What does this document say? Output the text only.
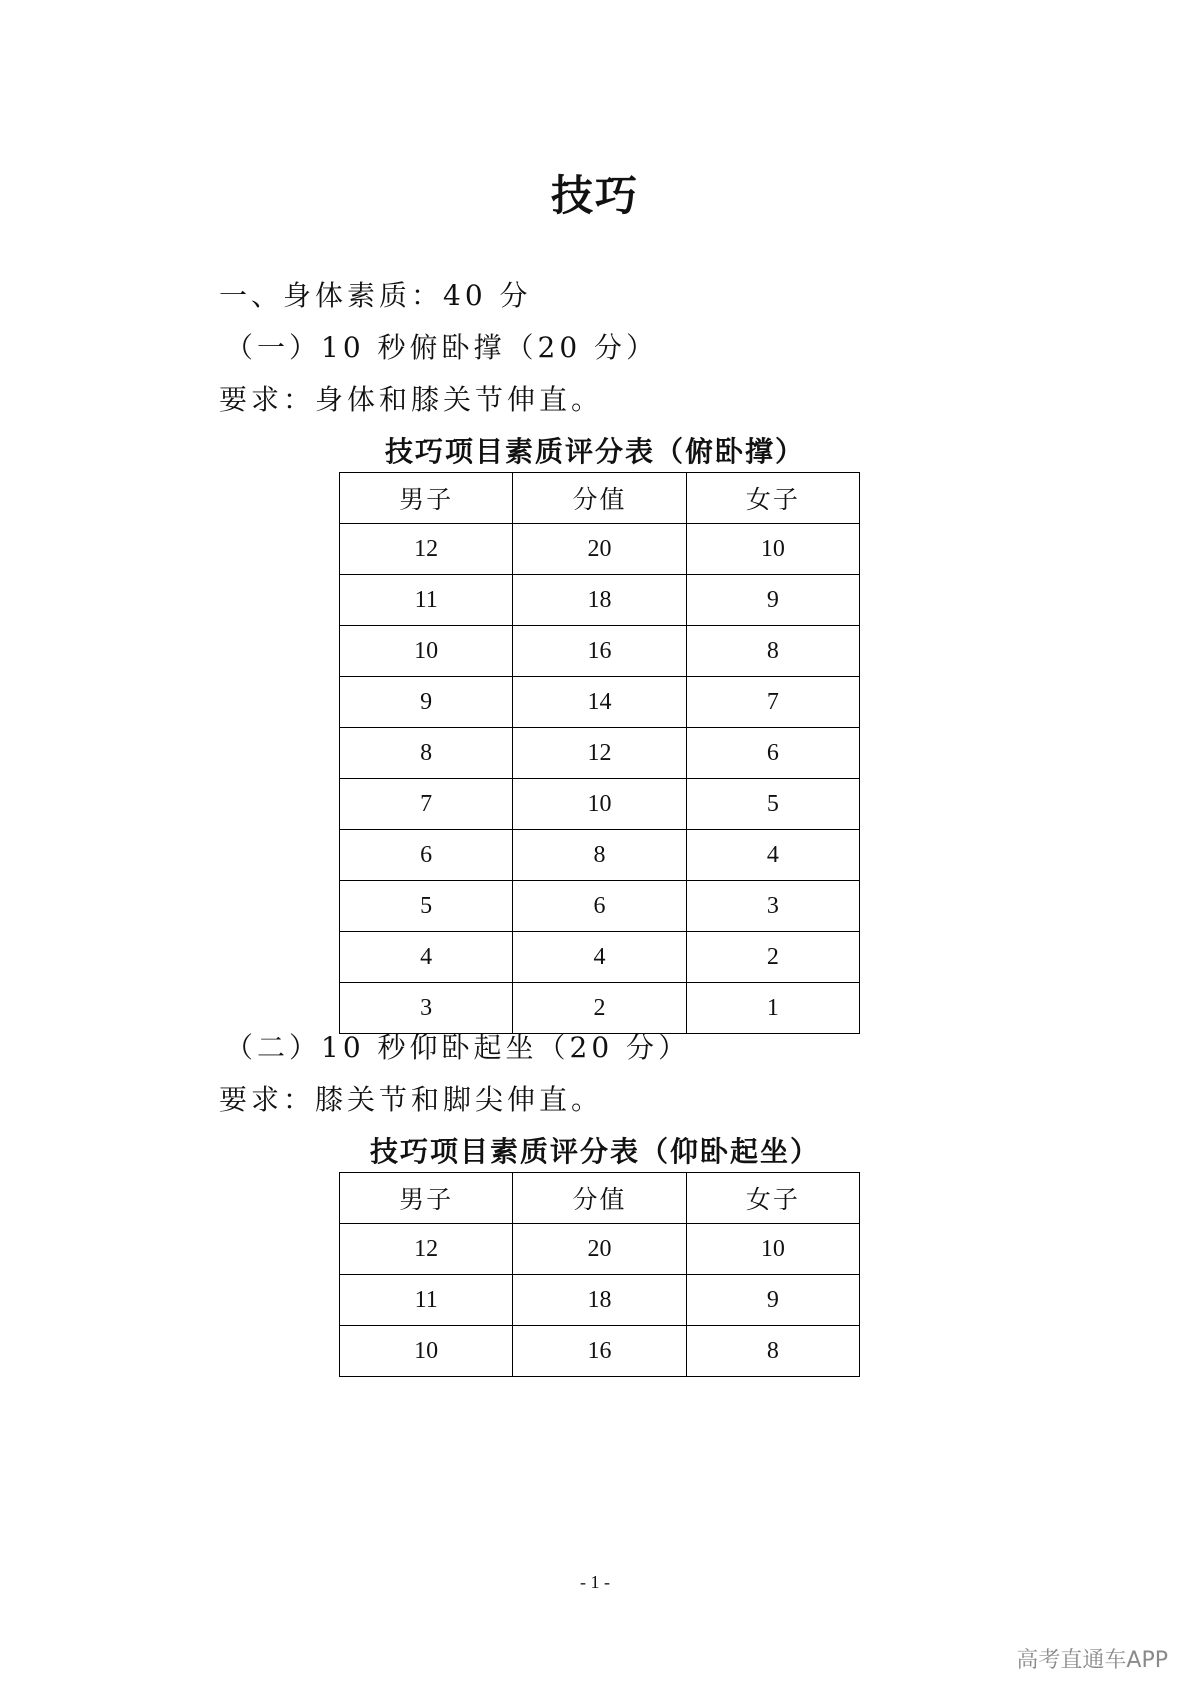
技巧
一、身体素质：40 分
（一）10 秒俯卧撑（20 分）
要求：身体和膝关节伸直。
技巧项目素质评分表（俯卧撑）
男子	分值	女子
12	20	10
11	18	9
10	16	8
9	14	7
8	12	6
7	10	5
6	8	4
5	6	3
4	4	2
3	2	1
（二）10 秒仰卧起坐（20 分）
要求：膝关节和脚尖伸直。
技巧项目素质评分表（仰卧起坐）
男子	分值	女子
12	20	10
11	18	9
10	16	8
- 1 -
高考直通车APP
